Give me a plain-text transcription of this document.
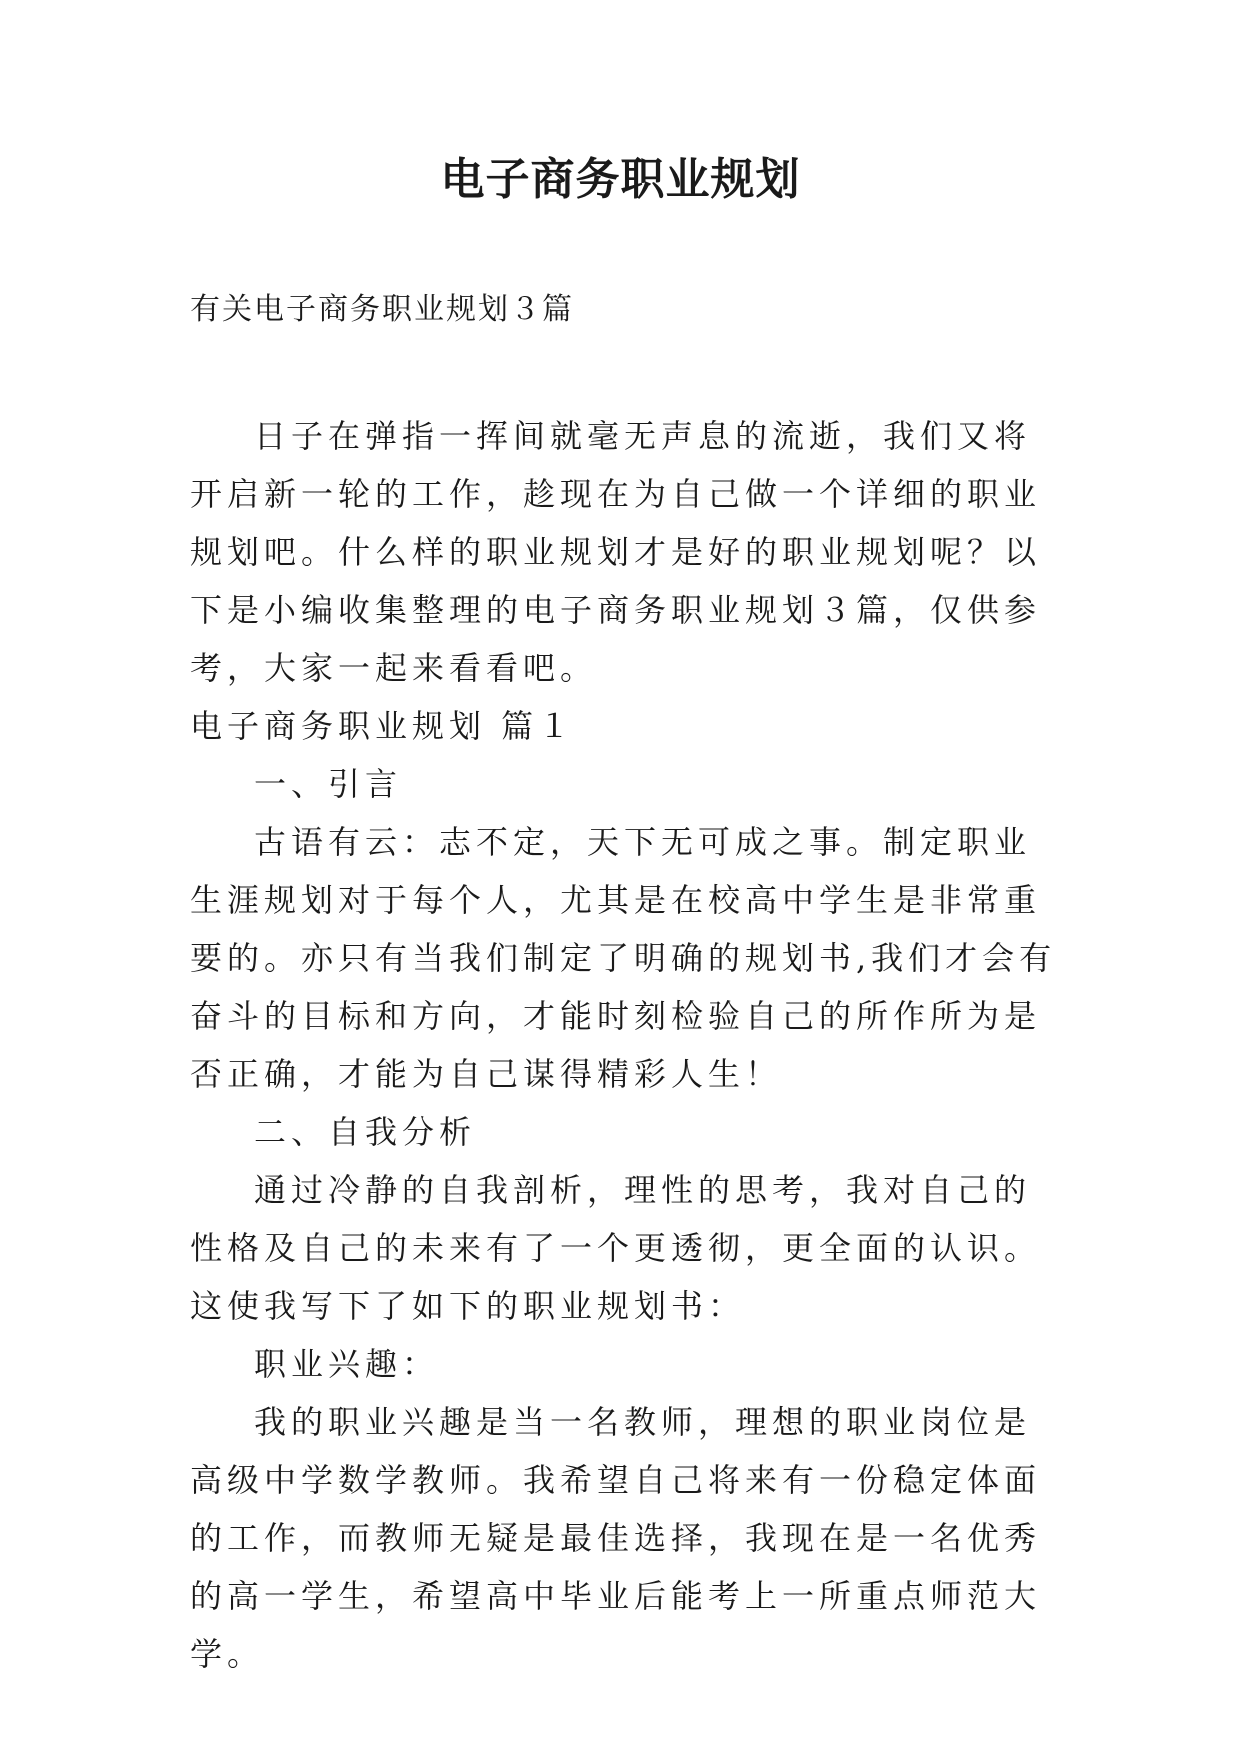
电子商务职业规划
有关电子商务职业规划３篇

日子在弹指一挥间就毫无声息的流逝，我们又将开启新一轮的工作，趁现在为自己做一个详细的职业规划吧。什么样的职业规划才是好的职业规划呢？以下是小编收集整理的电子商务职业规划３篇，仅供参考，大家一起来看看吧。

电子商务职业规划 篇１

一、引言

古语有云：志不定，天下无可成之事。制定职业生涯规划对于每个人，尤其是在校高中学生是非常重要的。亦只有当我们制定了明确的规划书,我们才会有奋斗的目标和方向，才能时刻检验自己的所作所为是否正确，才能为自己谋得精彩人生！

二、自我分析

通过冷静的自我剖析，理性的思考，我对自己的性格及自己的未来有了一个更透彻，更全面的认识。这使我写下了如下的职业规划书：

职业兴趣：

我的职业兴趣是当一名教师，理想的职业岗位是高级中学数学教师。我希望自己将来有一份稳定体面的工作，而教师无疑是最佳选择，我现在是一名优秀的高一学生，希望高中毕业后能考上一所重点师范大学。
